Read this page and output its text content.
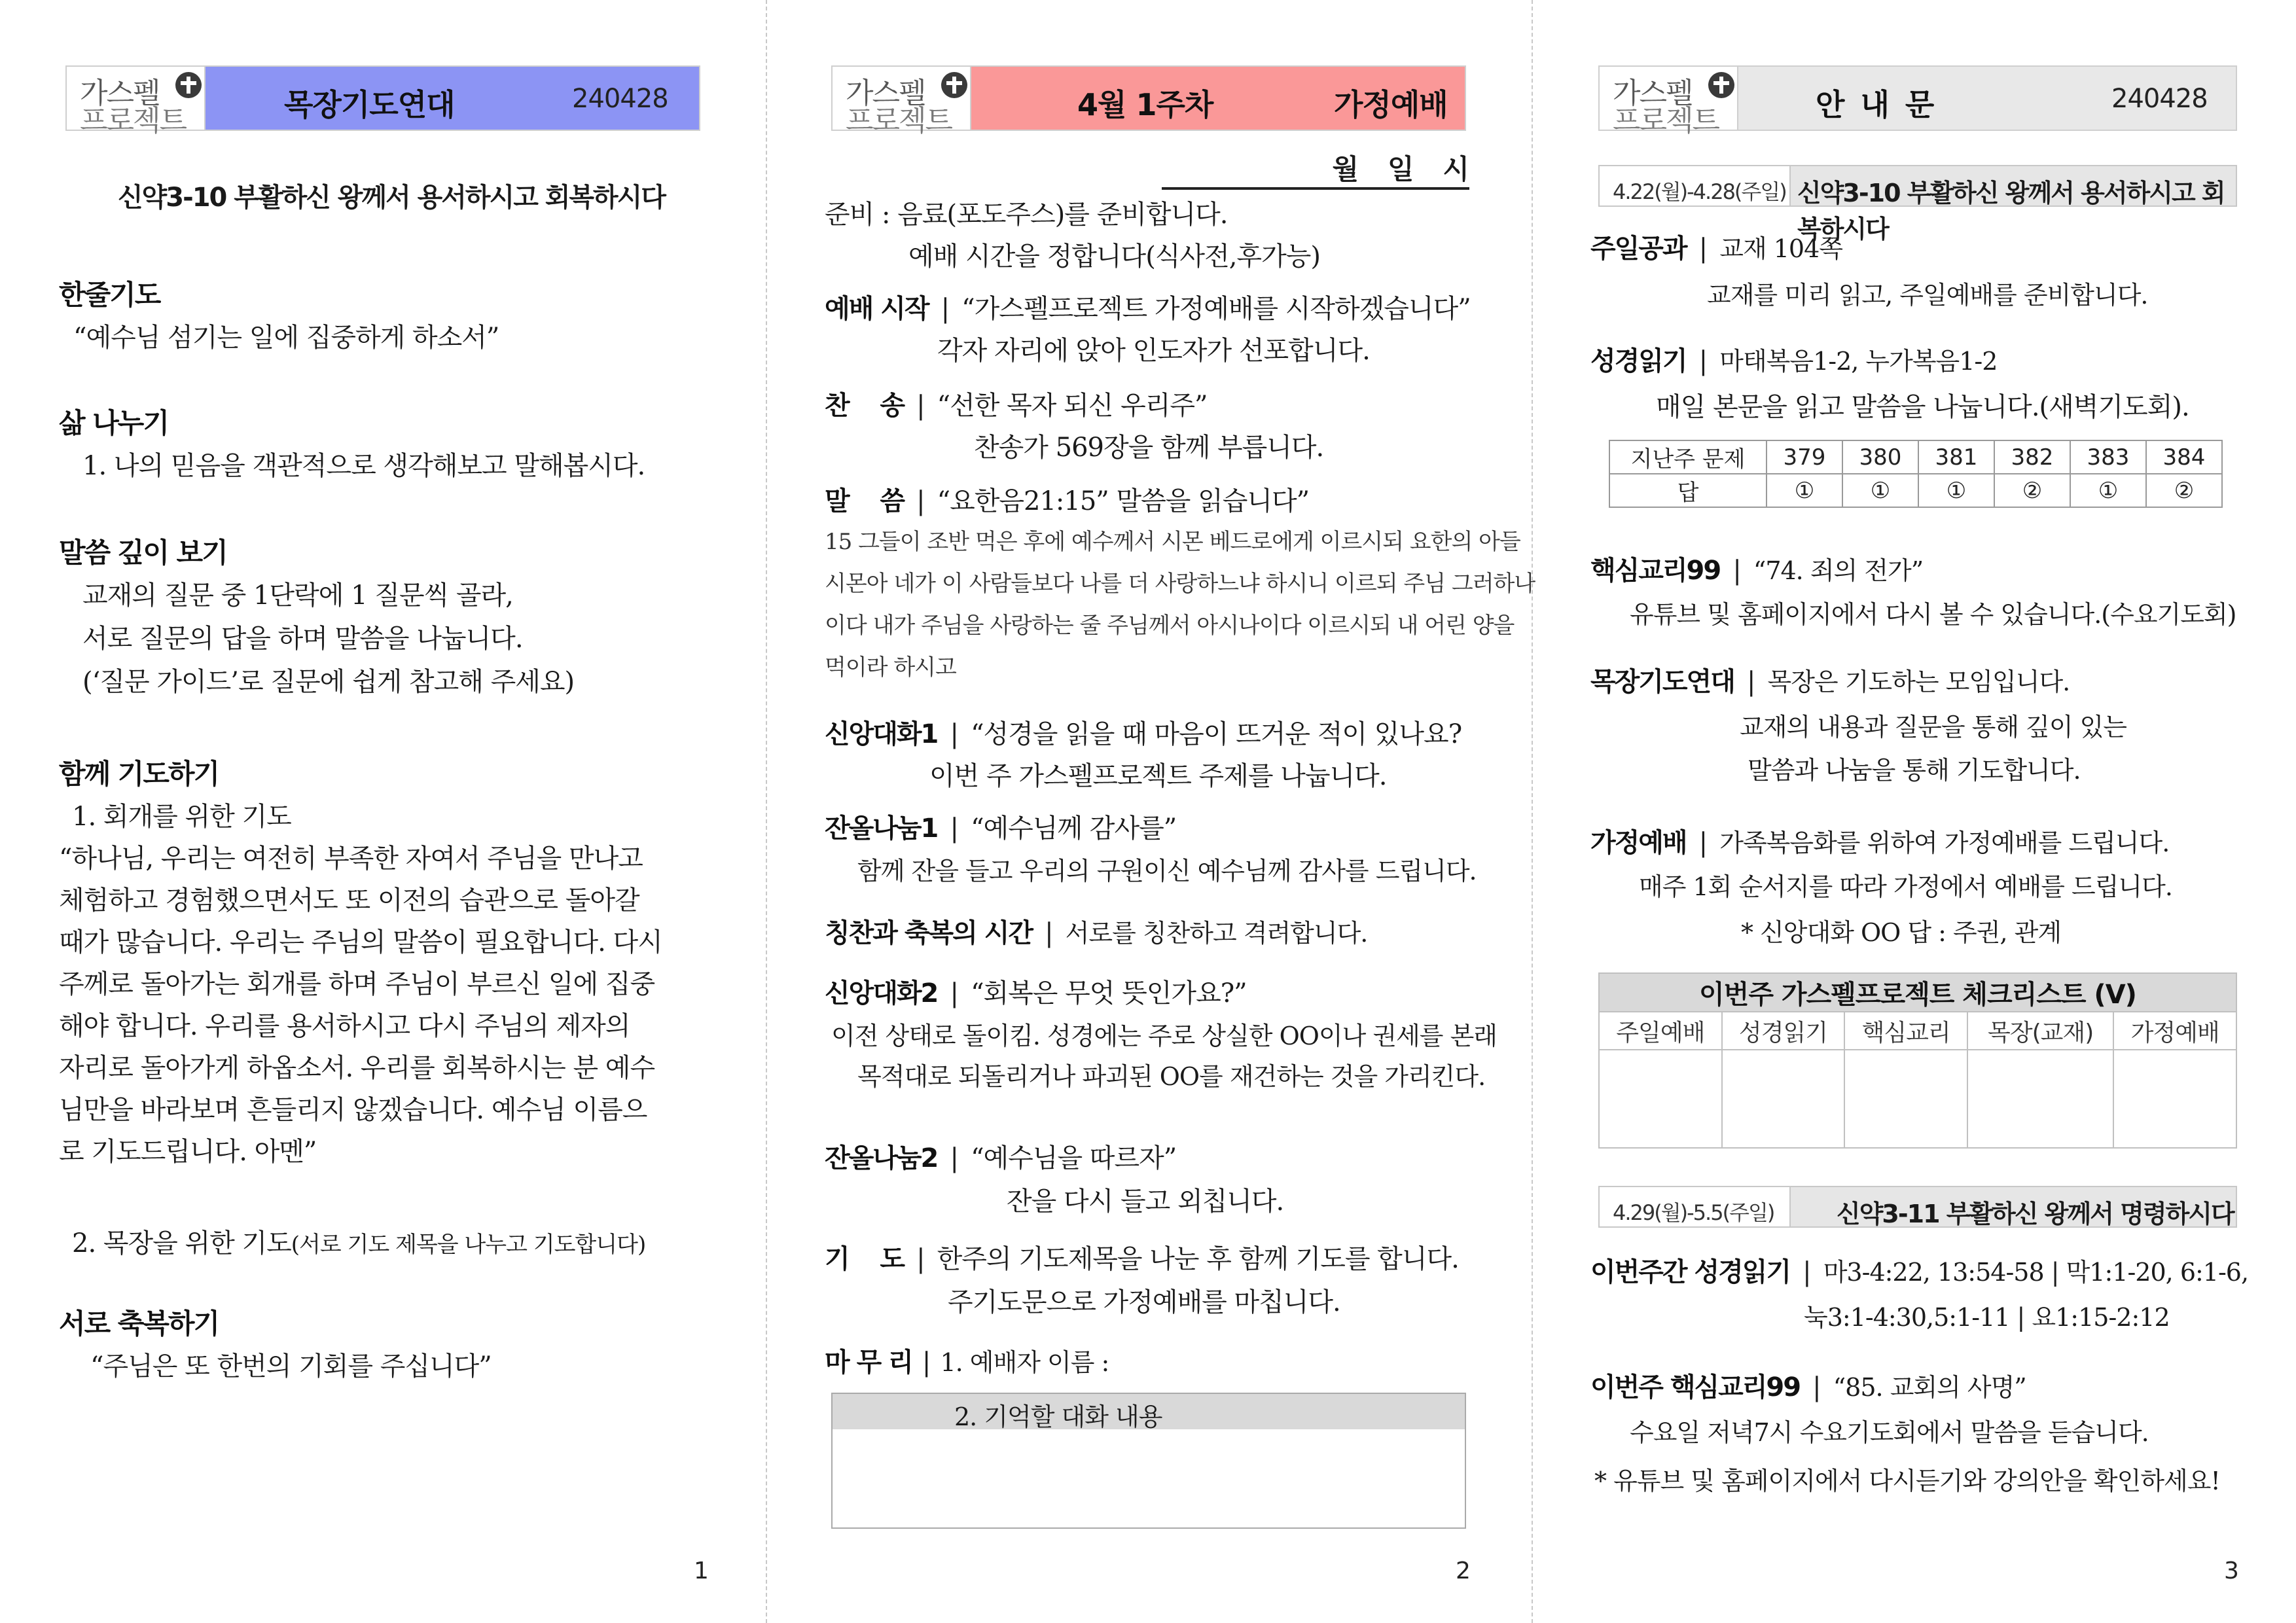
가스펠
프로젝트	목장기도연대	240428
신약3-10 부활하신 왕께서 용서하시고 회복하시다
한줄기도
“예수님 섬기는 일에 집중하게 하소서”
삶 나누기
1. 나의 믿음을 객관적으로 생각해보고 말해봅시다.
말씀 깊이 보기
교재의 질문 중 1단락에 1 질문씩 골라,
서로 질문의 답을 하며 말씀을 나눕니다.
(‘질문 가이드’로 질문에 쉽게 참고해 주세요)
함께 기도하기
1. 회개를 위한 기도
“하나님, 우리는 여전히 부족한 자여서 주님을 만나고
체험하고 경험했으면서도 또 이전의 습관으로 돌아갈
때가 많습니다. 우리는 주님의 말씀이 필요합니다. 다시
주께로 돌아가는 회개를 하며 주님이 부르신 일에 집중
해야 합니다. 우리를 용서하시고 다시 주님의 제자의
자리로 돌아가게 하옵소서. 우리를 회복하시는 분 예수
님만을 바라보며 흔들리지 않겠습니다. 예수님 이름으
로 기도드립니다. 아멘”
2. 목장을 위한 기도(서로 기도 제목을 나누고 기도합니다)
서로 축복하기
“주님은 또 한번의 기회를 주십니다”
1
가스펠
프로젝트	4월 1주차	가정예배
월   일   시
준비 : 음료(포도주스)를 준비합니다.
예배 시간을 정합니다(식사전,후가능)
예배 시작 | “가스펠프로젝트 가정예배를 시작하겠습니다”
각자 자리에 앉아 인도자가 선포합니다.
찬    송 | “선한 목자 되신 우리주”
찬송가 569장을 함께 부릅니다.
말    씀 | “요한음21:15” 말씀을 읽습니다”
15 그들이 조반 먹은 후에 예수께서 시몬 베드로에게 이르시되 요한의 아들
시몬아 네가 이 사람들보다 나를 더 사랑하느냐 하시니 이르되 주님 그러하나
이다 내가 주님을 사랑하는 줄 주님께서 아시나이다 이르시되 내 어린 양을
먹이라 하시고
신앙대화1 | “성경을 읽을 때 마음이 뜨거운 적이 있나요?
이번 주 가스펠프로젝트 주제를 나눕니다.
잔올나눔1 | “예수님께 감사를”
함께 잔을 들고 우리의 구원이신 예수님께 감사를 드립니다.
칭찬과 축복의 시간 | 서로를 칭찬하고 격려합니다.
신앙대화2 | “회복은 무엇 뜻인가요?”
이전 상태로 돌이킴. 성경에는 주로 상실한 OO이나 권세를 본래
목적대로 되돌리거나 파괴된 OO를 재건하는 것을 가리킨다.
잔올나눔2 | “예수님을 따르자”
잔을 다시 들고 외칩니다.
기    도 | 한주의 기도제목을 나눈 후 함께 기도를 합니다.
주기도문으로 가정예배를 마칩니다.
마 무 리 | 1. 예배자 이름 :
2. 기억할 대화 내용
2
가스펠
프로젝트	안 내 문	240428
4.22(월)-4.28(주일) 신약3-10 부활하신 왕께서 용서하시고 회복하시다
주일공과 | 교재 104쪽
교재를 미리 읽고, 주일예배를 준비합니다.
성경읽기 | 마태복음1-2, 누가복음1-2
매일 본문을 읽고 말씀을 나눕니다.(새벽기도회).
지난주 문제	379	380	381	382	383	384
답	①	①	①	②	①	②
핵심교리99 | “74. 죄의 전가”
유튜브 및 홈페이지에서 다시 볼 수 있습니다.(수요기도회)
목장기도연대 | 목장은 기도하는 모임입니다.
교재의 내용과 질문을 통해 깊이 있는
말씀과 나눔을 통해 기도합니다.
가정예배 | 가족복음화를 위하여 가정예배를 드립니다.
매주 1회 순서지를 따라 가정에서 예배를 드립니다.
* 신앙대화 OO 답 : 주권, 관계
이번주 가스펠프로젝트 체크리스트 (V)				
주일예배	성경읽기	핵심교리	목장(교재)	가정예배

4.29(월)-5.5(주일)	신약3-11 부활하신 왕께서 명령하시다
이번주간 성경읽기 | 마3-4:22, 13:54-58 | 막1:1-20, 6:1-6,
눅3:1-4:30,5:1-11 | 요1:15-2:12
이번주 핵심교리99 | “85. 교회의 사명”
수요일 저녁7시 수요기도회에서 말씀을 듣습니다.
* 유튜브 및 홈페이지에서 다시듣기와 강의안을 확인하세요!
3
